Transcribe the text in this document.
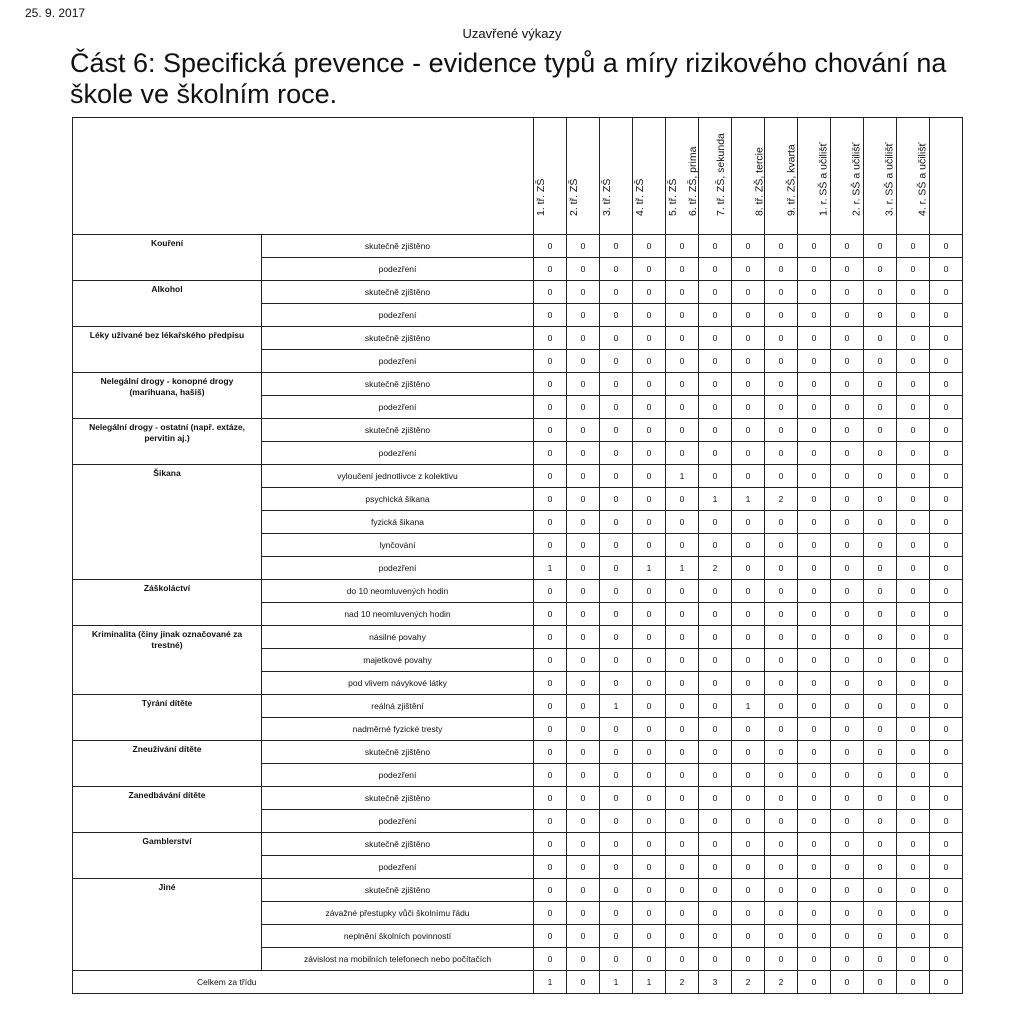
25. 9. 2017
Uzavřené výkazy
Část 6: Specifická prevence - evidence typů a míry rizikového chování na škole ve školním roce.

		1. tř. ZŠ	2. tř. ZŠ	3. tř. ZŠ	4. tř. ZŠ	5. tř. ZŠ	6. tř. ZŠ, prima	7. tř. ZŠ, sekunda	8. tř. ZŠ, tercie	9. tř. ZŠ, kvarta	1. r. SŠ a učilišť	2. r. SŠ a učilišť	3. r. SŠ a učilišť	4. r. SŠ a učilišť

Kouření	skutečně zjištěno	0	0	0	0	0	0	0	0	0	0	0	0	0
	podezření	0	0	0	0	0	0	0	0	0	0	0	0	0
Alkohol	skutečně zjištěno	0	0	0	0	0	0	0	0	0	0	0	0	0
	podezření	0	0	0	0	0	0	0	0	0	0	0	0	0
Léky užívané bez lékařského předpisu	skutečně zjištěno	0	0	0	0	0	0	0	0	0	0	0	0	0
	podezření	0	0	0	0	0	0	0	0	0	0	0	0	0
Nelegální drogy - konopné drogy (marihuana, hašiš)	skutečně zjištěno	0	0	0	0	0	0	0	0	0	0	0	0	0
	podezření	0	0	0	0	0	0	0	0	0	0	0	0	0
Nelegální drogy - ostatní (např. extáze, pervitin aj.)	skutečně zjištěno	0	0	0	0	0	0	0	0	0	0	0	0	0
	podezření	0	0	0	0	0	0	0	0	0	0	0	0	0
Šikana	vyloučení jednotlivce z kolektivu	0	0	0	0	1	0	0	0	0	0	0	0	0
	psychická šikana	0	0	0	0	0	1	1	2	0	0	0	0	0
	fyzická šikana	0	0	0	0	0	0	0	0	0	0	0	0	0
	lynčování	0	0	0	0	0	0	0	0	0	0	0	0	0
	podezření	1	0	0	1	1	2	0	0	0	0	0	0	0
Záškoláctví	do 10 neomluvených hodin	0	0	0	0	0	0	0	0	0	0	0	0	0
	nad 10 neomluvených hodin	0	0	0	0	0	0	0	0	0	0	0	0	0
Kriminalita (činy jinak označované za trestné)	násilné povahy	0	0	0	0	0	0	0	0	0	0	0	0	0
	majetkové povahy	0	0	0	0	0	0	0	0	0	0	0	0	0
	pod vlivem návykové látky	0	0	0	0	0	0	0	0	0	0	0	0	0
Týrání dítěte	reálná zjištění	0	0	1	0	0	0	1	0	0	0	0	0	0
	nadměrné fyzické tresty	0	0	0	0	0	0	0	0	0	0	0	0	0
Zneužívání dítěte	skutečně zjištěno	0	0	0	0	0	0	0	0	0	0	0	0	0
	podezření	0	0	0	0	0	0	0	0	0	0	0	0	0
Zanedbávání dítěte	skutečně zjištěno	0	0	0	0	0	0	0	0	0	0	0	0	0
	podezření	0	0	0	0	0	0	0	0	0	0	0	0	0
Gamblerství	skutečně zjištěno	0	0	0	0	0	0	0	0	0	0	0	0	0
	podezření	0	0	0	0	0	0	0	0	0	0	0	0	0
Jiné	skutečně zjištěno	0	0	0	0	0	0	0	0	0	0	0	0	0
	závažné přestupky vůči školnímu řádu	0	0	0	0	0	0	0	0	0	0	0	0	0
	neplnění školních povinností	0	0	0	0	0	0	0	0	0	0	0	0	0
	závislost na mobilních telefonech nebo počítačích	0	0	0	0	0	0	0	0	0	0	0	0	0
Celkem za třídu		1	0	1	1	2	3	2	2	0	0	0	0	0
